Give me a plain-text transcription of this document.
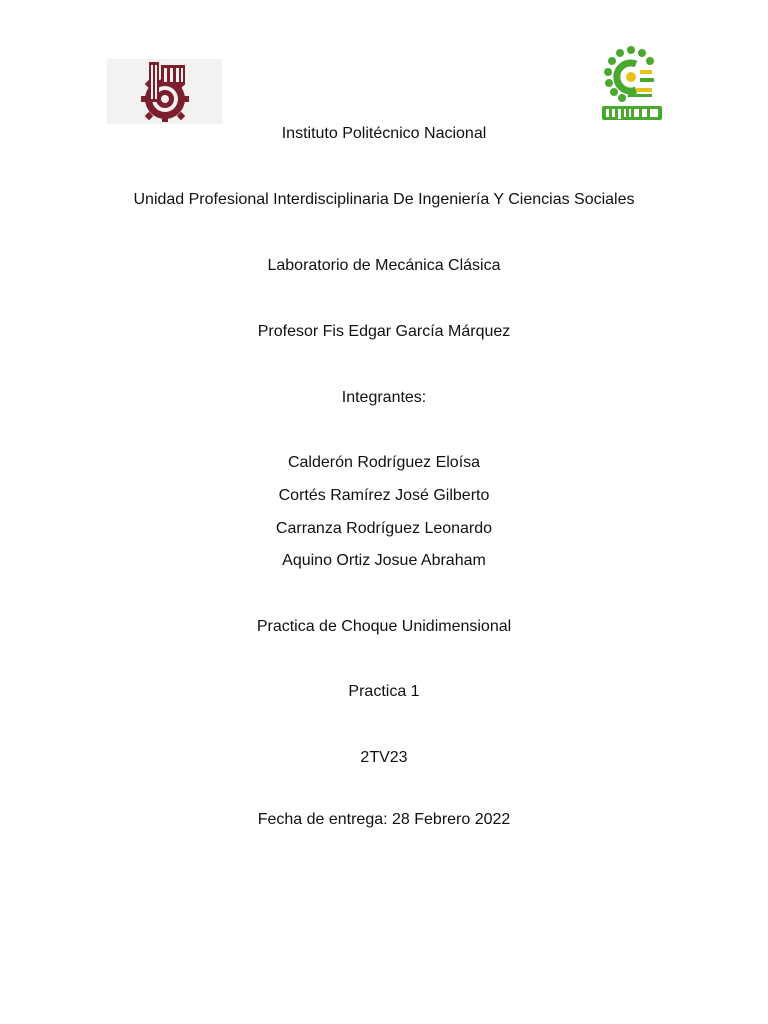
Instituto Politécnico Nacional
Unidad Profesional Interdisciplinaria De Ingeniería Y Ciencias Sociales
Laboratorio de Mecánica Clásica
Profesor Fis Edgar García Márquez
Integrantes:
Calderón Rodríguez Eloísa
Cortés Ramírez José Gilberto
Carranza Rodríguez Leonardo
Aquino Ortiz Josue Abraham
Practica de Choque Unidimensional
Practica 1
2TV23
Fecha de entrega: 28 Febrero 2022
